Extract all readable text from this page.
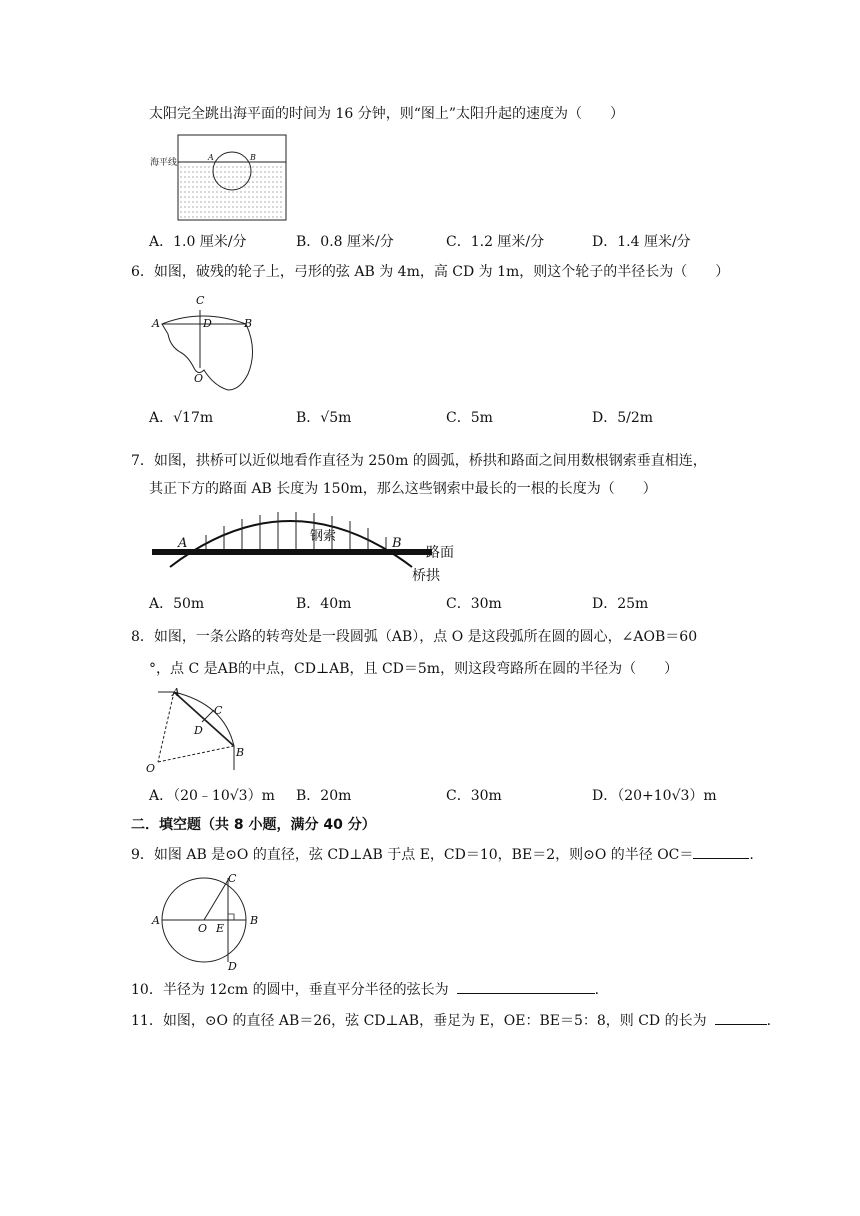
太阳完全跳出海平面的时间为 16 分钟，则“图上”太阳升起的速度为（　　）
海平线
A	B
A．1.0 厘米/分	B．0.8 厘米/分	C．1.2 厘米/分	D．1.4 厘米/分
6．如图，破残的轮子上，弓形的弦 AB 为 4m，高 CD 为 1m，则这个轮子的半径长为（　　）
C
A	D	B
O
A．√17m	B．√5m	C．5m	D．5/2m
7．如图，拱桥可以近似地看作直径为 250m 的圆弧，桥拱和路面之间用数根钢索垂直相连，
其正下方的路面 AB 长度为 150m，那么这些钢索中最长的一根的长度为（　　）
A	B
钢索
路面
桥拱
A．50m	B．40m	C．30m	D．25m
8．如图，一条公路的转弯处是一段圆弧（AB），点 O 是这段弧所在圆的圆心，∠AOB＝60
°，点 C 是AB的中点，CD⊥AB，且 CD＝5m，则这段弯路所在圆的半径为（　　）
A
C
D
B
O
A．（20﹣10√3）m B．20m	C．30m	D．（20+10√3）m
二．填空题（共 8 小题，满分 40 分）
9．如图 AB 是⊙O 的直径，弦 CD⊥AB 于点 E，CD＝10，BE＝2，则⊙O 的半径 OC＝	.
A
C
O E
B
D
10．半径为 12cm 的圆中，垂直平分半径的弦长为	.
11．如图，⊙O 的直径 AB＝26，弦 CD⊥AB，垂足为 E，OE：BE＝5：8，则 CD 的长为	.
